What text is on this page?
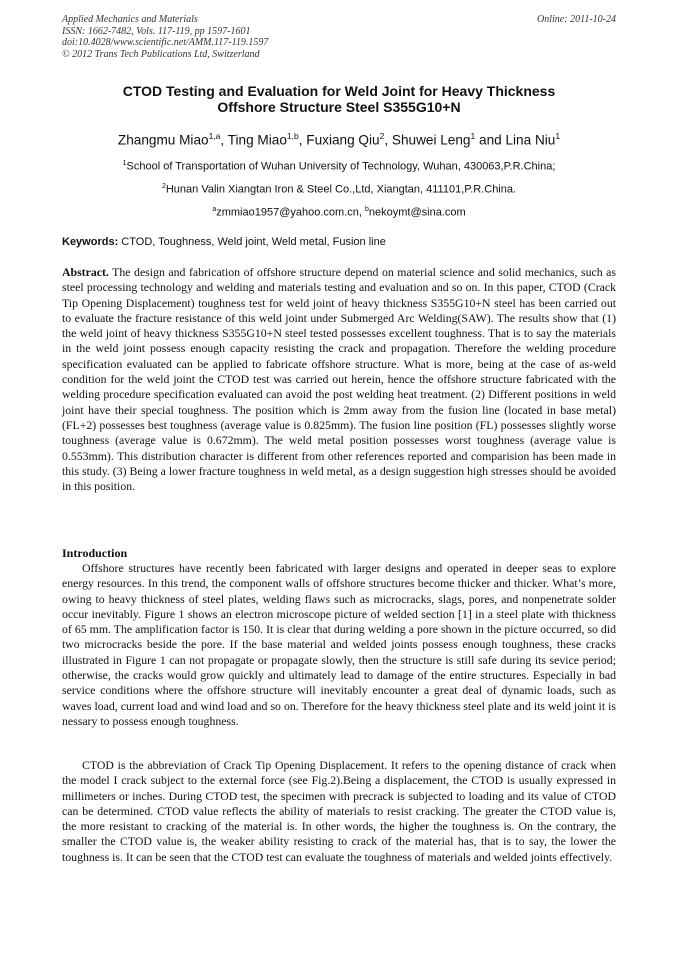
Applied Mechanics and Materials
ISSN: 1662-7482, Vols. 117-119, pp 1597-1601
doi:10.4028/www.scientific.net/AMM.117-119.1597
© 2012 Trans Tech Publications Ltd, Switzerland
Online: 2011-10-24
CTOD Testing and Evaluation for Weld Joint for Heavy Thickness
Offshore Structure Steel S355G10+N
Zhangmu Miao$^{1,a}$, Ting Miao$^{1,b}$, Fuxiang Qiu$^2$, Shuwei Leng$^1$ and Lina Niu$^1$
$^1$School of Transportation of Wuhan University of Technology, Wuhan, 430063,P.R.China;
$^2$Hunan Valin Xiangtan Iron & Steel Co.,Ltd, Xiangtan, 411101,P.R.China.
$^a$zmmiao1957@yahoo.com.cn, $^b$nekoymt@sina.com
Keywords: CTOD, Toughness, Weld joint, Weld metal, Fusion line

Abstract. The design and fabrication of offshore structure depend on material science and solid mechanics, such as steel processing technology and welding and materials testing and evaluation and so on. In this paper, CTOD (Crack Tip Opening Displacement) toughness test for weld joint of heavy thickness S355G10+N steel has been carried out to evaluate the fracture resistance of this weld joint under Submerged Arc Welding(SAW). The results show that (1) the weld joint of heavy thickness S355G10+N steel tested possesses excellent toughness. That is to say the materials in the weld joint possess enough capacity resisting the crack and propagation. Therefore the welding procedure specification evaluated can be applied to fabricate offshore structure. What is more, being at the case of as-weld condition for the weld joint the CTOD test was carried out herein, hence the offshore structure fabricated with the welding procedure specification evaluated can avoid the post welding heat treatment. (2) Different positions in weld joint have their special toughness. The position which is 2mm away from the fusion line (located in base metal) (FL+2) possesses best toughness (average value is 0.825mm). The fusion line position (FL) possesses slightly worse toughness (average value is 0.672mm). The weld metal position possesses worst toughness (average value is 0.553mm). This distribution character is different from other references reported and comparision has been made in this study. (3) Being a lower fracture toughness in weld metal, as a design suggestion high stresses should be avoided in this position.

Introduction

Offshore structures have recently been fabricated with larger designs and operated in deeper seas to explore energy resources. In this trend, the component walls of offshore structures become thicker and thicker. What’s more, owing to heavy thickness of steel plates, welding flaws such as microcracks, slags, pores, and nonpenetrate solder occur inevitably. Figure 1 shows an electron microscope picture of welded section [1] in a steel plate with thickness of 65 mm. The amplification factor is 150. It is clear that during welding a pore shown in the picture occurred, so did two microcracks beside the pore. If the base material and welded joints possess enough toughness, these cracks illustrated in Figure 1 can not propagate or propagate slowly, then the structure is still safe during its sevice period; otherwise, the cracks would grow quickly and ultimately lead to damage of the entire structures. Especially in bad service conditions where the offshore structure will inevitably encounter a great deal of dynamic loads, such as waves load, current load and wind load and so on. Therefore for the heavy thickness steel plate and its weld joint it is nessary to possess enough toughness.

CTOD is the abbreviation of Crack Tip Opening Displacement. It refers to the opening distance of crack when the model I crack subject to the external force (see Fig.2).Being a displacement, the CTOD is usually expressed in millimeters or inches. During CTOD test, the specimen with precrack is subjected to loading and its value of CTOD can be determined. CTOD value reflects the ability of materials to resist cracking. The greater the CTOD value is, the more resistant to cracking of the material is. In other words, the higher the toughness is. On the contrary, the smaller the CTOD value is, the weaker ability resisting to crack of the material has, that is to say, the lower the toughness is. It can be seen that the CTOD test can evaluate the toughness of materials and welded joints effectively.
